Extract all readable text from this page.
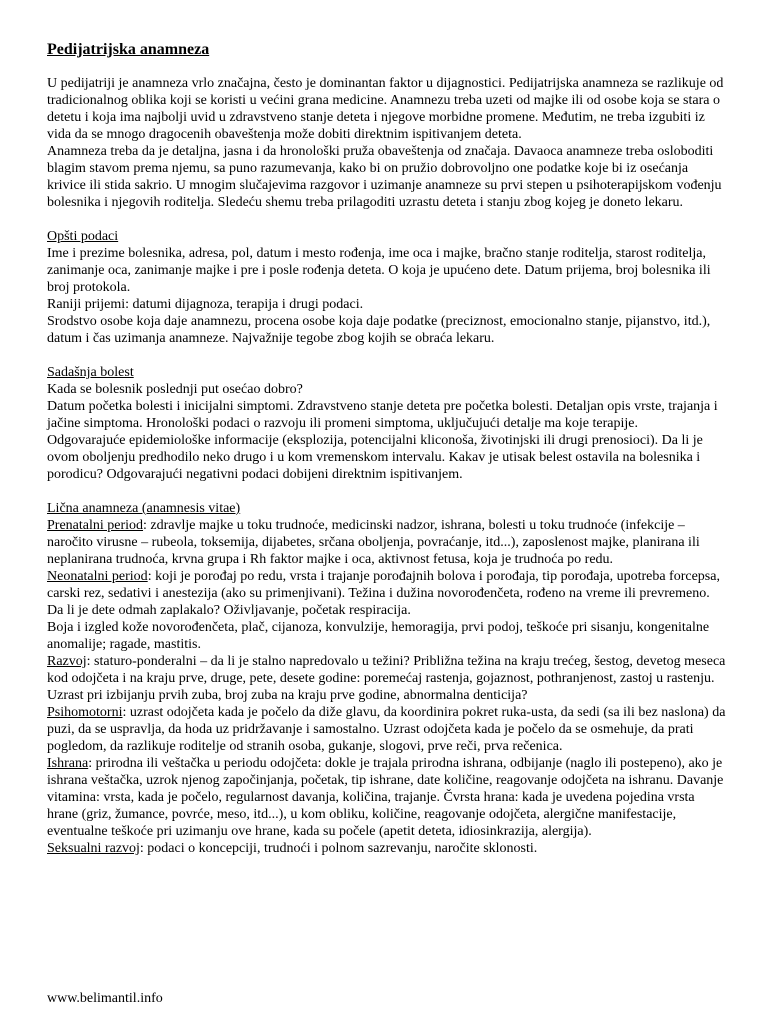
Pedijatrijska anamneza

U pedijatriji je anamneza vrlo značajna, često je dominantan faktor u dijagnostici. Pedijatrijska anamneza se razlikuje od tradicionalnog oblika koji se koristi u većini grana medicine. Anamnezu treba uzeti od majke ili od osobe koja se stara o detetu i koja ima najbolji uvid u zdravstveno stanje deteta i njegove morbidne promene. Međutim, ne treba izgubiti iz vida da se mnogo dragocenih obaveštenja može dobiti direktnim ispitivanjem deteta.

Anamneza treba da je detaljna, jasna i da hronološki pruža obaveštenja od značaja. Davaoca anamneze treba osloboditi blagim stavom prema njemu, sa puno razumevanja, kako bi on pružio dobrovoljno one podatke koje bi iz osećanja krivice ili stida sakrio. U mnogim slučajevima razgovor i uzimanje anamneze su prvi stepen u psihoterapijskom vođenju bolesnika i njegovih roditelja. Sledeću shemu treba prilagoditi uzrastu deteta i stanju zbog kojeg je doneto lekaru.

Opšti podaci

Ime i prezime bolesnika, adresa, pol, datum i mesto rođenja, ime oca i majke, bračno stanje roditelja, starost roditelja, zanimanje oca, zanimanje majke i pre i posle rođenja deteta. O koja je upućeno dete. Datum prijema, broj bolesnika ili broj protokola.

Raniji prijemi: datumi dijagnoza, terapija i drugi podaci.

Srodstvo osobe koja daje anamnezu, procena osobe koja daje podatke (preciznost, emocionalno stanje, pijanstvo, itd.), datum i čas uzimanja anamneze. Najvažnije tegobe zbog kojih se obraća lekaru.

Sadašnja bolest

Kada se bolesnik poslednji put osećao dobro?

Datum početka bolesti i inicijalni simptomi. Zdravstveno stanje deteta pre početka bolesti. Detaljan opis vrste, trajanja i jačine simptoma. Hronološki podaci o razvoju ili promeni simptoma, uključujući detalje ma koje terapije.

Odgovarajuće epidemiološke informacije (eksplozija, potencijalni kliconoša, životinjski ili drugi prenosioci). Da li je ovom oboljenju predhodilo neko drugo i u kom vremenskom intervalu. Kakav je utisak belest ostavila na bolesnika i porodicu? Odgovarajući negativni podaci dobijeni direktnim ispitivanjem.

Lična anamneza (anamnesis vitae)

Prenatalni period: zdravlje majke u toku trudnoće, medicinski nadzor, ishrana, bolesti u toku trudnoće (infekcije – naročito virusne – rubeola, toksemija, dijabetes, srčana oboljenja, povraćanje, itd...), zaposlenost majke, planirana ili neplanirana trudnoća, krvna grupa i Rh faktor majke i oca, aktivnost fetusa, koja je trudnoća po redu.

Neonatalni period: koji je porođaj po redu, vrsta i trajanje porođajnih bolova i porođaja, tip porođaja, upotreba forcepsa, carski rez, sedativi i anestezija (ako su primenjivani). Težina i dužina novorođenčeta, rođeno na vreme ili prevremeno. Da li je dete odmah zaplakalo? Oživljavanje, početak respiracija.

Boja i izgled kože novorođenčeta, plač, cijanoza, konvulzije, hemoragija, prvi podoj, teškoće pri sisanju, kongenitalne anomalije; ragade, mastitis.

Razvoj: staturo-ponderalni – da li je stalno napredovalo u težini? Približna težina na kraju trećeg, šestog, devetog meseca kod odojčeta i na kraju prve, druge, pete, desete godine: poremećaj rastenja, gojaznost, pothranjenost, zastoj u rastenju. Uzrast pri izbijanju prvih zuba, broj zuba na kraju prve godine, abnormalna denticija?

Psihomotorni: uzrast odojčeta kada je počelo da diže glavu, da koordinira pokret ruka-usta, da sedi (sa ili bez naslona) da puzi, da se uspravlja, da hoda uz pridržavanje i samostalno. Uzrast odojčeta kada je počelo da se osmehuje, da prati pogledom, da razlikuje roditelje od stranih osoba, gukanje, slogovi, prve reči, prva rečenica.

Ishrana: prirodna ili veštačka u periodu odojčeta: dokle je trajala prirodna ishrana, odbijanje (naglo ili postepeno), ako je ishrana veštačka, uzrok njenog započinjanja, početak, tip ishrane, date količine, reagovanje odojčeta na ishranu. Davanje vitamina: vrsta, kada je počelo, regularnost davanja, količina, trajanje. Čvrsta hrana: kada je uvedena pojedina vrsta hrane (griz, žumance, povrće, meso, itd...), u kom obliku, količine, reagovanje odojčeta, alergične manifestacije, eventualne teškoće pri uzimanju ove hrane, kada su počele (apetit deteta, idiosinkrazija, alergija).

Seksualni razvoj: podaci o koncepciji, trudnoći i polnom sazrevanju, naročite sklonosti.

www.belimantil.info
